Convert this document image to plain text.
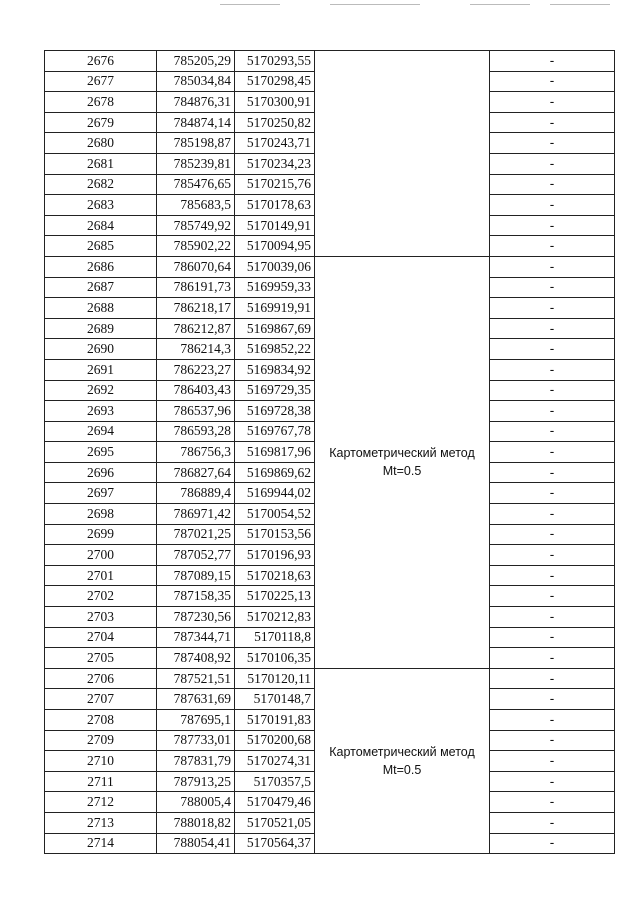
2676	785205,29	5170293,55		-
2677	785034,84	5170298,45		-
2678	784876,31	5170300,91		-
2679	784874,14	5170250,82		-
2680	785198,87	5170243,71		-
2681	785239,81	5170234,23		-
2682	785476,65	5170215,76		-
2683	785683,5	5170178,63		-
2684	785749,92	5170149,91		-
2685	785902,22	5170094,95		-
2686	786070,64	5170039,06	Картометрический метод Mt=0.5	-
2687	786191,73	5169959,33		-
2688	786218,17	5169919,91		-
2689	786212,87	5169867,69		-
2690	786214,3	5169852,22		-
2691	786223,27	5169834,92		-
2692	786403,43	5169729,35		-
2693	786537,96	5169728,38		-
2694	786593,28	5169767,78		-
2695	786756,3	5169817,96		-
2696	786827,64	5169869,62		-
2697	786889,4	5169944,02		-
2698	786971,42	5170054,52		-
2699	787021,25	5170153,56		-
2700	787052,77	5170196,93		-
2701	787089,15	5170218,63		-
2702	787158,35	5170225,13		-
2703	787230,56	5170212,83		-
2704	787344,71	5170118,8		-
2705	787408,92	5170106,35		-
2706	787521,51	5170120,11	Картометрический метод Mt=0.5	-
2707	787631,69	5170148,7		-
2708	787695,1	5170191,83		-
2709	787733,01	5170200,68		-
2710	787831,79	5170274,31		-
2711	787913,25	5170357,5		-
2712	788005,4	5170479,46		-
2713	788018,82	5170521,05		-
2714	788054,41	5170564,37		-
